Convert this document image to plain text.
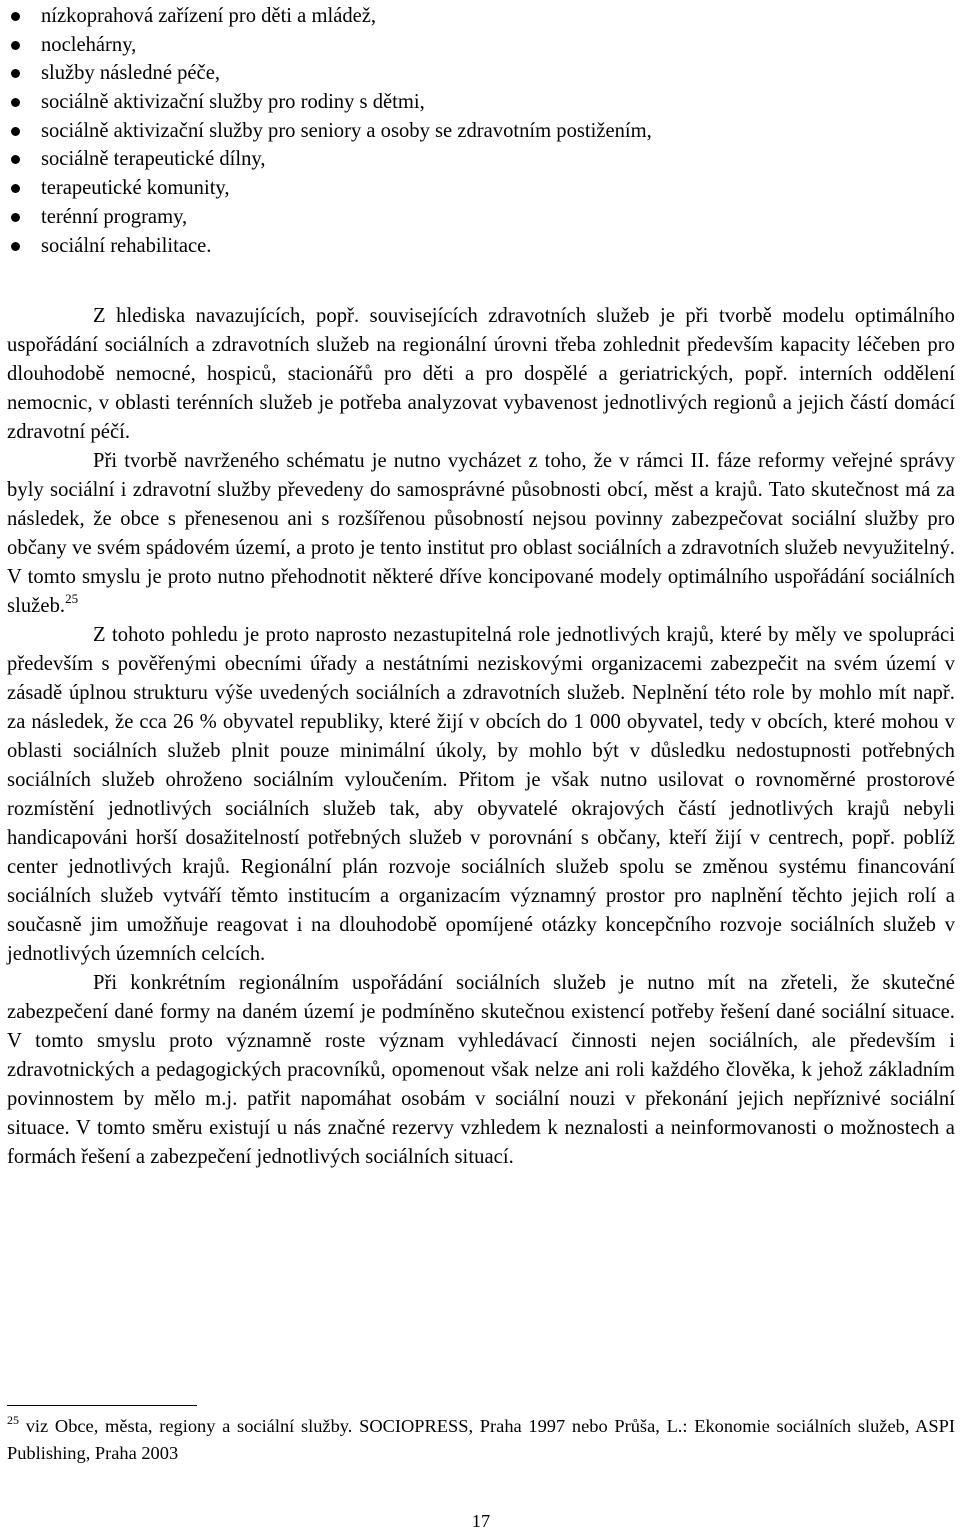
nízkoprahová zařízení pro děti a mládež,
noclehárny,
služby následné péče,
sociálně aktivizační služby pro rodiny s dětmi,
sociálně aktivizační služby pro seniory a osoby se zdravotním postižením,
sociálně terapeutické dílny,
terapeutické komunity,
terénní programy,
sociální rehabilitace.

Z hlediska navazujících, popř. souvisejících zdravotních služeb je při tvorbě modelu optimálního uspořádání sociálních a zdravotních služeb na regionální úrovni třeba zohlednit především kapacity léčeben pro dlouhodobě nemocné, hospiců, stacionářů pro děti a pro dospělé a geriatrických, popř. interních oddělení nemocnic, v oblasti terénních služeb je potřeba analyzovat vybavenost jednotlivých regionů a jejich částí domácí zdravotní péčí.

Při tvorbě navrženého schématu je nutno vycházet z toho, že v rámci II. fáze reformy veřejné správy byly sociální i zdravotní služby převedeny do samosprávné působnosti obcí, měst a krajů. Tato skutečnost má za následek, že obce s přenesenou ani s rozšířenou působností nejsou povinny zabezpečovat sociální služby pro občany ve svém spádovém území, a proto je tento institut pro oblast sociálních a zdravotních služeb nevyužitelný. V tomto smyslu je proto nutno přehodnotit některé dříve koncipované modely optimálního uspořádání sociálních služeb.$^{25}$

Z tohoto pohledu je proto naprosto nezastupitelná role jednotlivých krajů, které by měly ve spolupráci především s pověřenými obecními úřady a nestátními neziskovými organizacemi zabezpečit na svém území v zásadě úplnou strukturu výše uvedených sociálních a zdravotních služeb. Neplnění této role by mohlo mít např. za následek, že cca 26 % obyvatel republiky, které žijí v obcích do 1 000 obyvatel, tedy v obcích, které mohou v oblasti sociálních služeb plnit pouze minimální úkoly, by mohlo být v důsledku nedostupnosti potřebných sociálních služeb ohroženo sociálním vyloučením. Přitom je však nutno usilovat o rovnoměrné prostorové rozmístění jednotlivých sociálních služeb tak, aby obyvatelé okrajových částí jednotlivých krajů nebyli handicapováni horší dosažitelností potřebných služeb v porovnání s občany, kteří žijí v centrech, popř. poblíž center jednotlivých krajů. Regionální plán rozvoje sociálních služeb spolu se změnou systému financování sociálních služeb vytváří těmto institucím a organizacím významný prostor pro naplnění těchto jejich rolí a současně jim umožňuje reagovat i na dlouhodobě opomíjené otázky koncepčního rozvoje sociálních služeb v jednotlivých územních celcích.

Při konkrétním regionálním uspořádání sociálních služeb je nutno mít na zřeteli, že skutečné zabezpečení dané formy na daném území je podmíněno skutečnou existencí potřeby řešení dané sociální situace. V tomto smyslu proto významně roste význam vyhledávací činnosti nejen sociálních, ale především i zdravotnických a pedagogických pracovníků, opomenout však nelze ani roli každého člověka, k jehož základním povinnostem by mělo m.j. patřit napomáhat osobám v sociální nouzi v překonání jejich nepříznivé sociální situace. V tomto směru existují u nás značné rezervy vzhledem k neznalosti a neinformovanosti o možnostech a formách řešení a zabezpečení jednotlivých sociálních situací.

$^{25}$ viz Obce, města, regiony a sociální služby. SOCIOPRESS, Praha 1997 nebo Průša, L.: Ekonomie sociálních služeb, ASPI Publishing, Praha 2003
17
